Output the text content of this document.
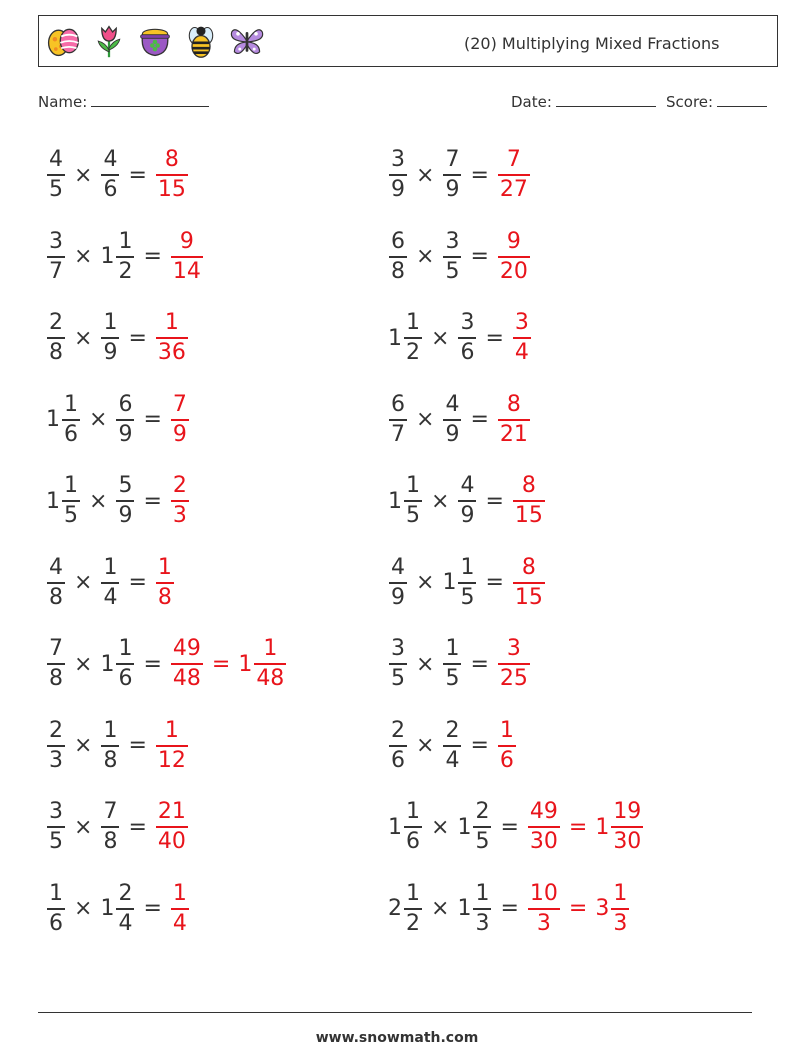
(20) Multiplying Mixed Fractions
Name:	Date:	Score:
$\frac{4}{5} \times \frac{4}{6} = \frac{8}{15}$	$\frac{3}{9} \times \frac{7}{9} = \frac{7}{27}$
$\frac{3}{7} \times 1 \frac{1}{2} = \frac{9}{14}$	$\frac{6}{8} \times \frac{3}{5} = \frac{9}{20}$
$\frac{2}{8} \times \frac{1}{9} = \frac{1}{36}$	$1 \frac{1}{2} \times \frac{3}{6} = \frac{3}{4}$
$1 \frac{1}{6} \times \frac{6}{9} = \frac{7}{9}$	$\frac{6}{7} \times \frac{4}{9} = \frac{8}{21}$
$1 \frac{1}{5} \times \frac{5}{9} = \frac{2}{3}$	$1 \frac{1}{5} \times \frac{4}{9} = \frac{8}{15}$
$\frac{4}{8} \times \frac{1}{4} = \frac{1}{8}$	$\frac{4}{9} \times 1 \frac{1}{5} = \frac{8}{15}$
$\frac{7}{8} \times 1 \frac{1}{6} = \frac{49}{48} = 1 \frac{1}{48}$	$\frac{3}{5} \times \frac{1}{5} = \frac{3}{25}$
$\frac{2}{3} \times \frac{1}{8} = \frac{1}{12}$	$\frac{2}{6} \times \frac{2}{4} = \frac{1}{6}$
$\frac{3}{5} \times \frac{7}{8} = \frac{21}{40}$	$1 \frac{1}{6} \times 1 \frac{2}{5} = \frac{49}{30} = 1 \frac{19}{30}$
$\frac{1}{6} \times 1 \frac{2}{4} = \frac{1}{4}$	$2 \frac{1}{2} \times 1 \frac{1}{3} = \frac{10}{3} = 3 \frac{1}{3}$
www.snowmath.com
